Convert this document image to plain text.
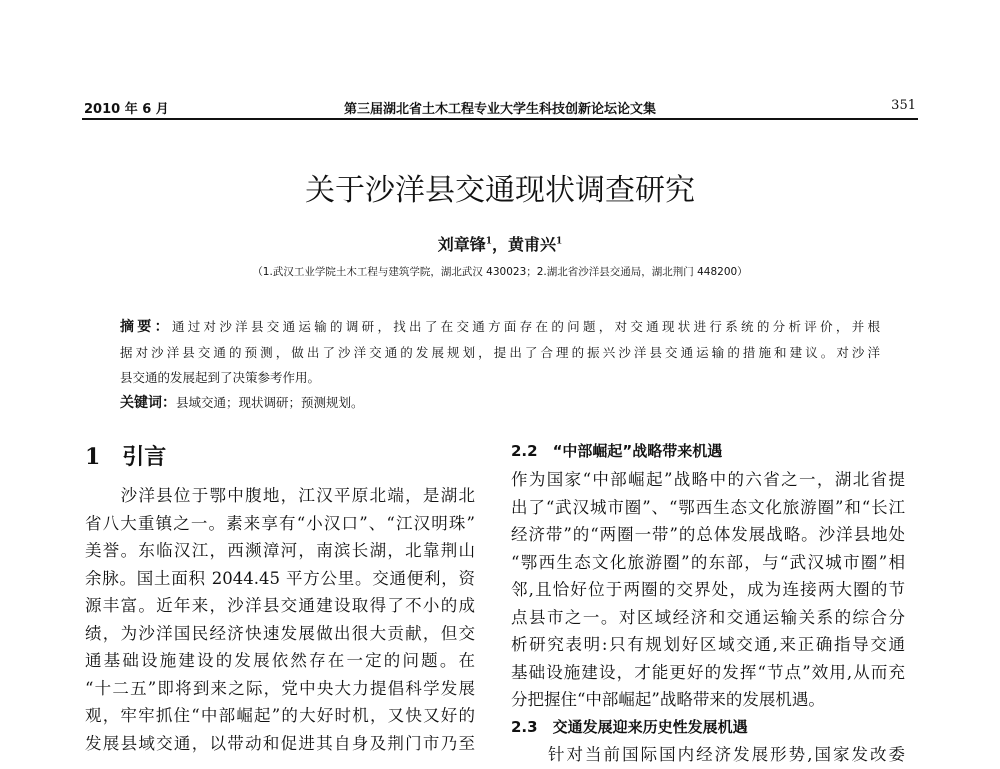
2010 年 6 月	第三届湖北省土木工程专业大学生科技创新论坛论文集	351
关于沙洋县交通现状调查研究
刘章锋$^1$，黄甫兴$^1$
（1.武汉工业学院土木工程与建筑学院，湖北武汉 430023；2.湖北省沙洋县交通局，湖北荆门 448200）
摘要：通过对沙洋县交通运输的调研，找出了在交通方面存在的问题，对交通现状进行系统的分析评价，并根
据对沙洋县交通的预测，做出了沙洋交通的发展规划，提出了合理的振兴沙洋县交通运输的措施和建议。对沙洋
县交通的发展起到了决策参考作用。
关键词：县域交通；现状调研；预测规划。
1　引言
　　沙洋县位于鄂中腹地，江汉平原北端，是湖北
省八大重镇之一。素来享有“小汉口”、“江汉明珠”
美誉。东临汉江，西濒漳河，南滨长湖，北靠荆山
余脉。国土面积 2044.45 平方公里。交通便利，资
源丰富。近年来，沙洋县交通建设取得了不小的成
绩，为沙洋国民经济快速发展做出很大贡献，但交
通基础设施建设的发展依然存在一定的问题。在
“十二五”即将到来之际，党中央大力提倡科学发展
观，牢牢抓住“中部崛起”的大好时机，又快又好的
发展县域交通，以带动和促进其自身及荆门市乃至
2.2　“中部崛起”战略带来机遇
作为国家“中部崛起”战略中的六省之一，湖北省提
出了“武汉城市圈”、“鄂西生态文化旅游圈”和“长江
经济带”的“两圈一带”的总体发展战略。沙洋县地处
“鄂西生态文化旅游圈”的东部，与“武汉城市圈”相
邻,且恰好位于两圈的交界处，成为连接两大圈的节
点县市之一。对区域经济和交通运输关系的综合分
析研究表明:只有规划好区域交通,来正确指导交通
基础设施建设，才能更好的发挥“节点”效用,从而充
分把握住“中部崛起”战略带来的发展机遇。
2.3　交通发展迎来历史性发展机遇
　　针对当前国际国内经济发展形势,国家发改委
